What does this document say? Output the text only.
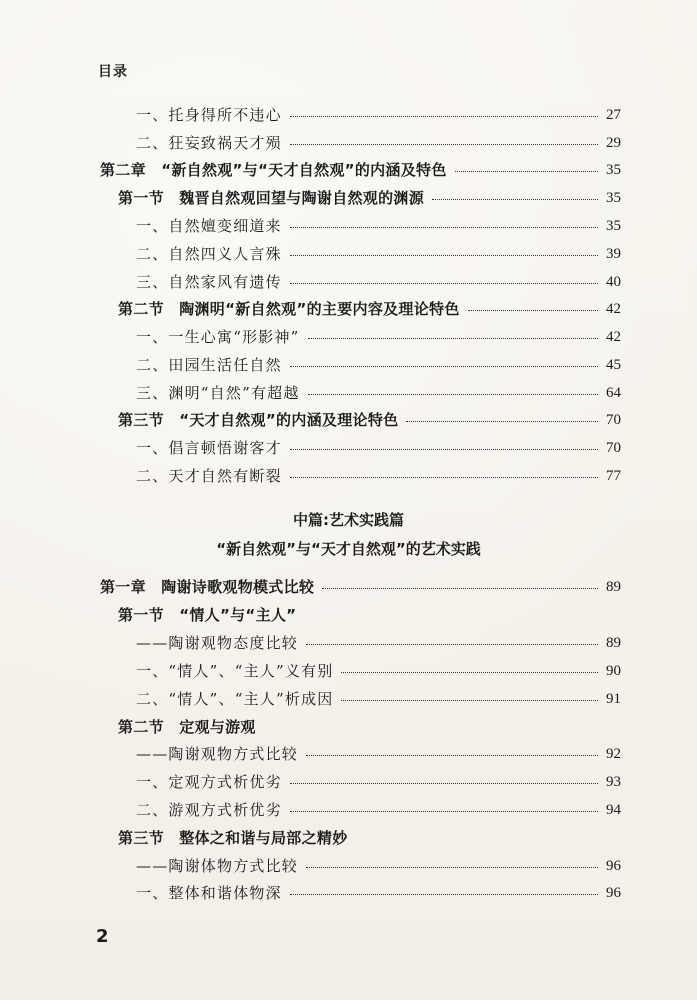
目录
一、托身得所不违心	27
二、狂妄致祸天才殒	29
第二章　“新自然观”与“天才自然观”的内涵及特色	35
第一节　魏晋自然观回望与陶谢自然观的渊源	35
一、自然嬗变细道来	35
二、自然四义人言殊	39
三、自然家风有遗传	40
第二节　陶渊明“新自然观”的主要内容及理论特色	42
一、一生心寓“形影神”	42
二、田园生活任自然	45
三、渊明“自然”有超越	64
第三节　“天才自然观”的内涵及理论特色	70
一、倡言顿悟谢客才	70
二、天才自然有断裂	77
中篇:艺术实践篇
“新自然观”与“天才自然观”的艺术实践
第一章　陶谢诗歌观物模式比较	89
第一节　“情人”与“主人”
——陶谢观物态度比较	89
一、“情人”、“主人”义有别	90
二、“情人”、“主人”析成因	91
第二节　定观与游观
——陶谢观物方式比较	92
一、定观方式析优劣	93
二、游观方式析优劣	94
第三节　整体之和谐与局部之精妙
——陶谢体物方式比较	96
一、整体和谐体物深	96
2
